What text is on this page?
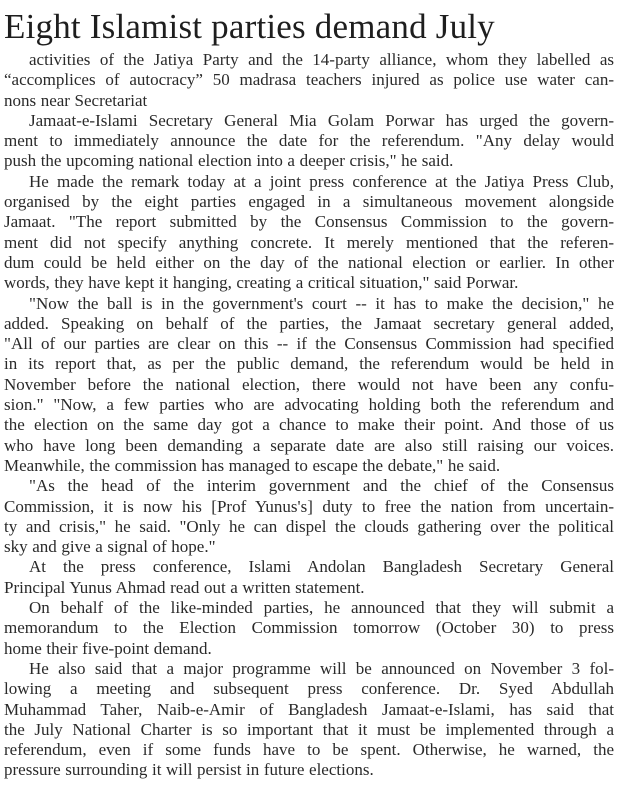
Eight Islamist parties demand July
activities of the Jatiya Party and the 14-party alliance, whom they labelled as
“accomplices of autocracy” 50 madrasa teachers injured as police use water can-
nons near Secretariat
Jamaat-e-Islami Secretary General Mia Golam Porwar has urged the govern-
ment to immediately announce the date for the referendum. "Any delay would
push the upcoming national election into a deeper crisis," he said.
He made the remark today at a joint press conference at the Jatiya Press Club,
organised by the eight parties engaged in a simultaneous movement alongside
Jamaat. "The report submitted by the Consensus Commission to the govern-
ment did not specify anything concrete. It merely mentioned that the referen-
dum could be held either on the day of the national election or earlier. In other
words, they have kept it hanging, creating a critical situation," said Porwar.
"Now the ball is in the government's court -- it has to make the decision," he
added. Speaking on behalf of the parties, the Jamaat secretary general added,
"All of our parties are clear on this -- if the Consensus Commission had specified
in its report that, as per the public demand, the referendum would be held in
November before the national election, there would not have been any confu-
sion." "Now, a few parties who are advocating holding both the referendum and
the election on the same day got a chance to make their point. And those of us
who have long been demanding a separate date are also still raising our voices.
Meanwhile, the commission has managed to escape the debate," he said.
"As the head of the interim government and the chief of the Consensus
Commission, it is now his [Prof Yunus's] duty to free the nation from uncertain-
ty and crisis," he said. "Only he can dispel the clouds gathering over the political
sky and give a signal of hope."
At the press conference, Islami Andolan Bangladesh Secretary General
Principal Yunus Ahmad read out a written statement.
On behalf of the like-minded parties, he announced that they will submit a
memorandum to the Election Commission tomorrow (October 30) to press
home their five-point demand.
He also said that a major programme will be announced on November 3 fol-
lowing a meeting and subsequent press conference. Dr. Syed Abdullah
Muhammad Taher, Naib-e-Amir of Bangladesh Jamaat-e-Islami, has said that
the July National Charter is so important that it must be implemented through a
referendum, even if some funds have to be spent. Otherwise, he warned, the
pressure surrounding it will persist in future elections.
